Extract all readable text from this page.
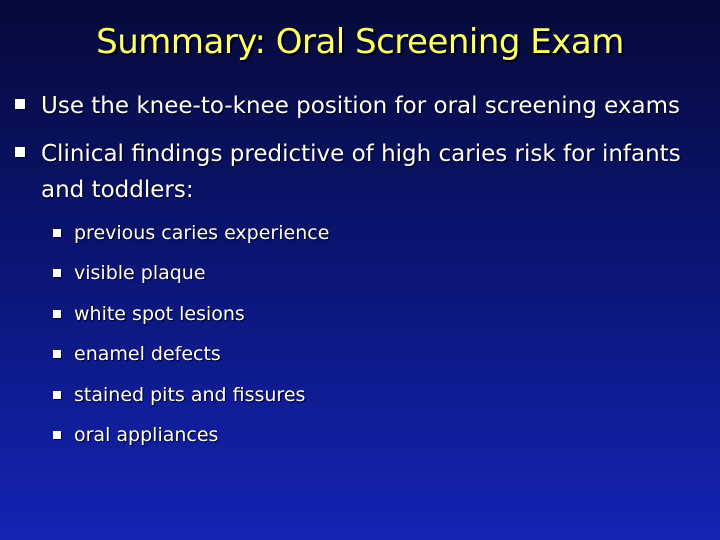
Summary: Oral Screening Exam
Use the knee-to-knee position for oral screening exams
Clinical findings predictive of high caries risk for infants and toddlers:
previous caries experience
visible plaque
white spot lesions
enamel defects
stained pits and fissures
oral appliances
